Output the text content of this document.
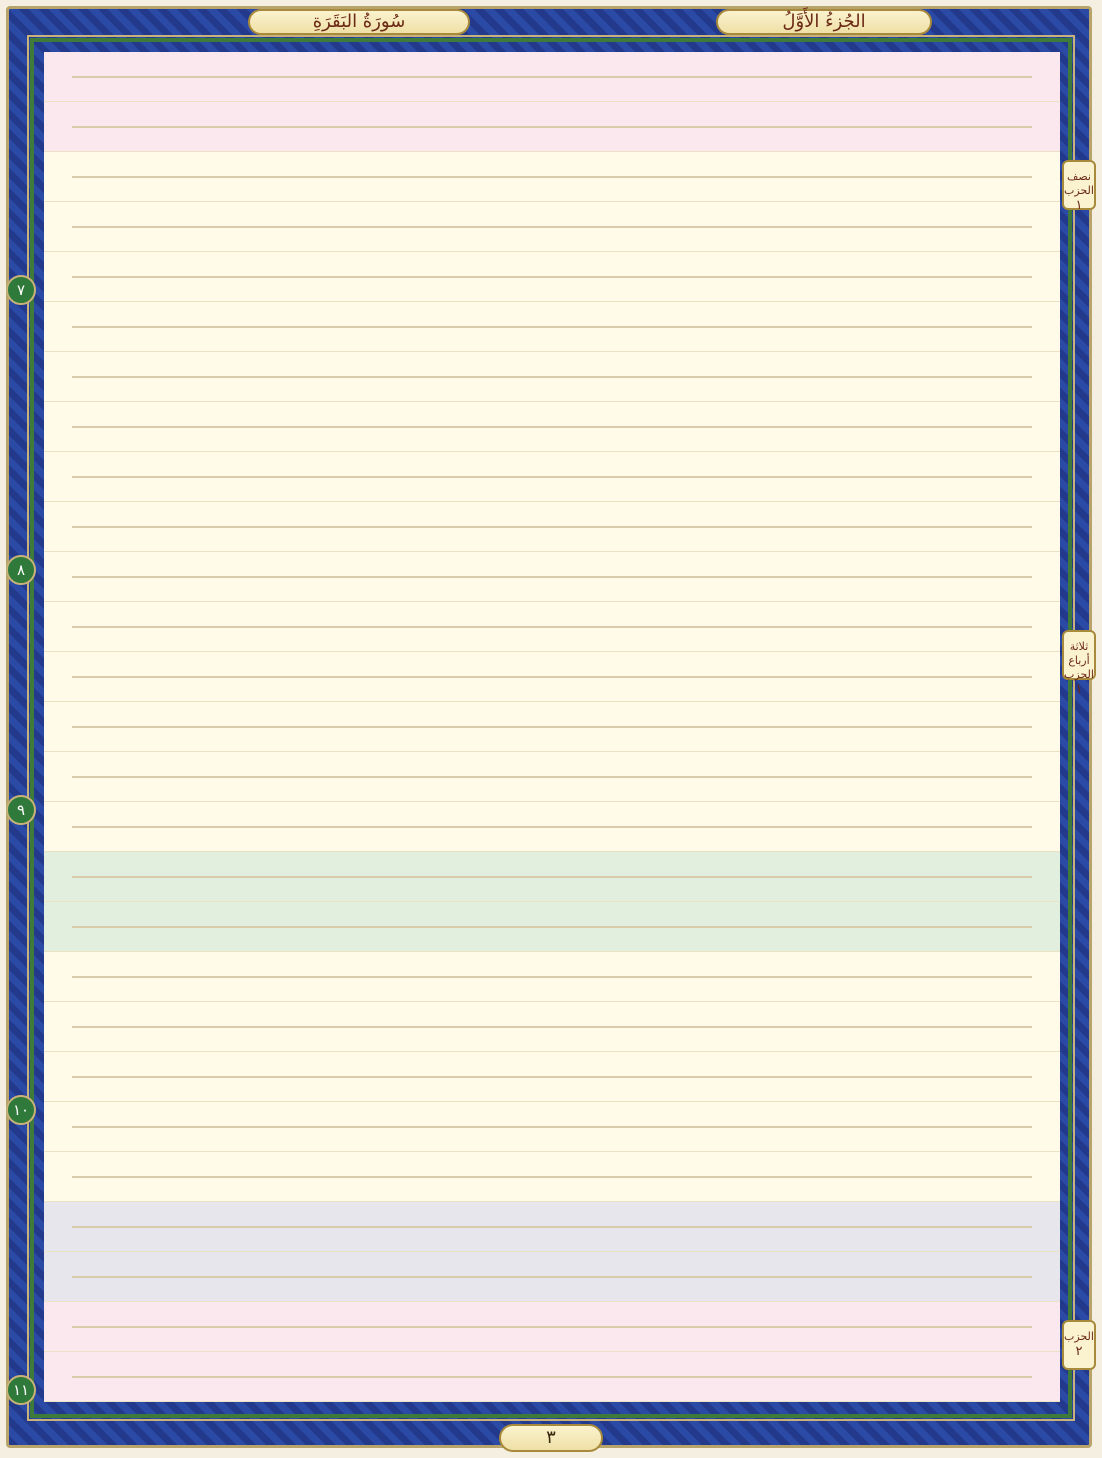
سُورَةُ البَقَرَةِ	الجُزءُ الأَوَّلُ
٧
٨
٩
١٠
١١
نصف الحزب
١
ثلاثة أرباع الحزب
١
الحزب
٢
٣
